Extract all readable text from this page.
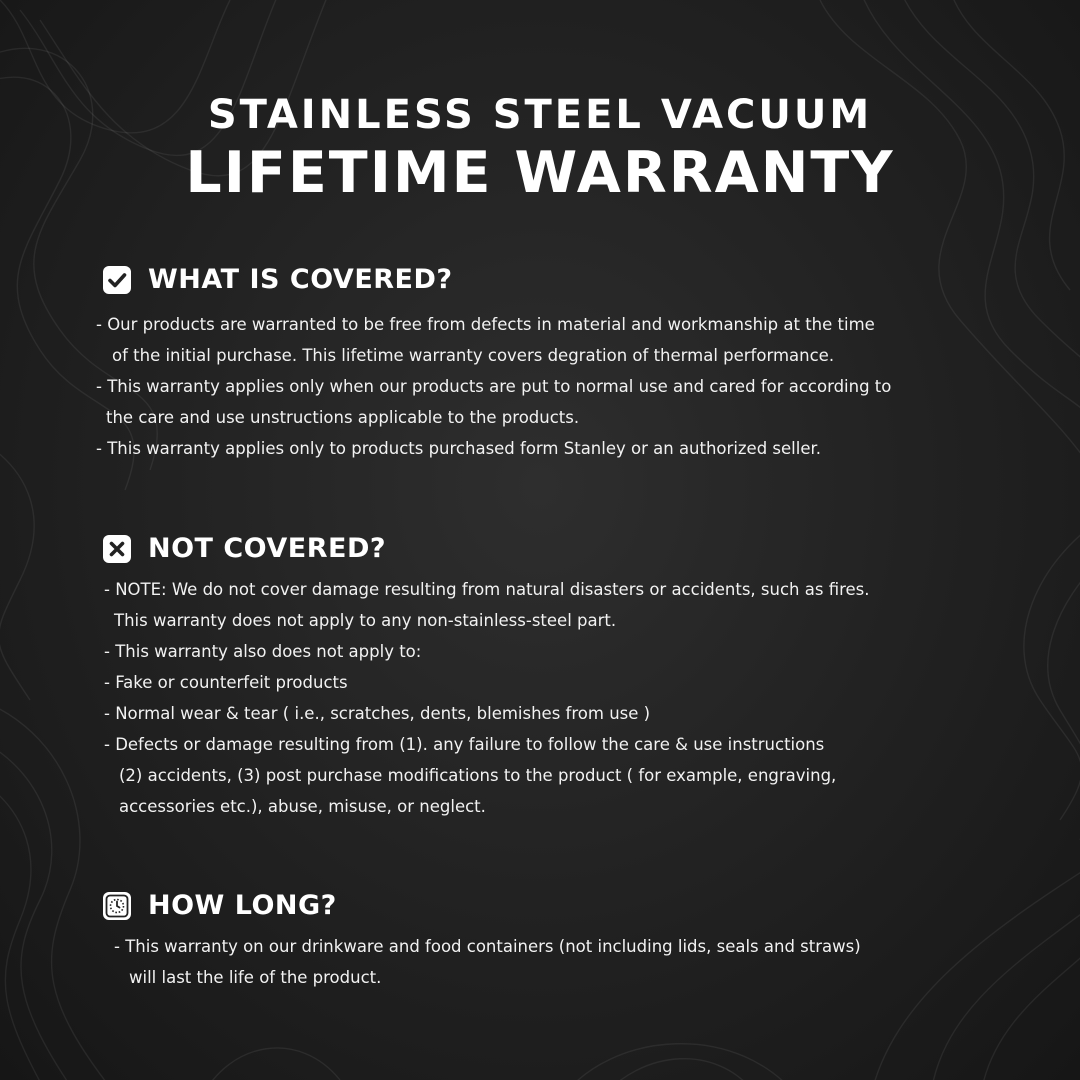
STAINLESS STEEL VACUUM
LIFETIME WARRANTY
WHAT IS COVERED?
- Our products are warranted to be free from defects in material and workmanship at the time
of the initial purchase. This lifetime warranty covers degration of thermal performance.
- This warranty applies only when our products are put to normal use and cared for according to
the care and use unstructions applicable to the products.
- This warranty applies only to products purchased form Stanley or an authorized seller.
NOT COVERED?
- NOTE: We do not cover damage resulting from natural disasters or accidents, such as fires.
This warranty does not apply to any non-stainless-steel part.
- This warranty also does not apply to:
- Fake or counterfeit products
- Normal wear & tear ( i.e., scratches, dents, blemishes from use )
- Defects or damage resulting from (1). any failure to follow the care & use instructions
(2) accidents, (3) post purchase modifications to the product ( for example, engraving,
accessories etc.), abuse, misuse, or neglect.
HOW LONG?
- This warranty on our drinkware and food containers (not including lids, seals and straws)
will last the life of the product.
